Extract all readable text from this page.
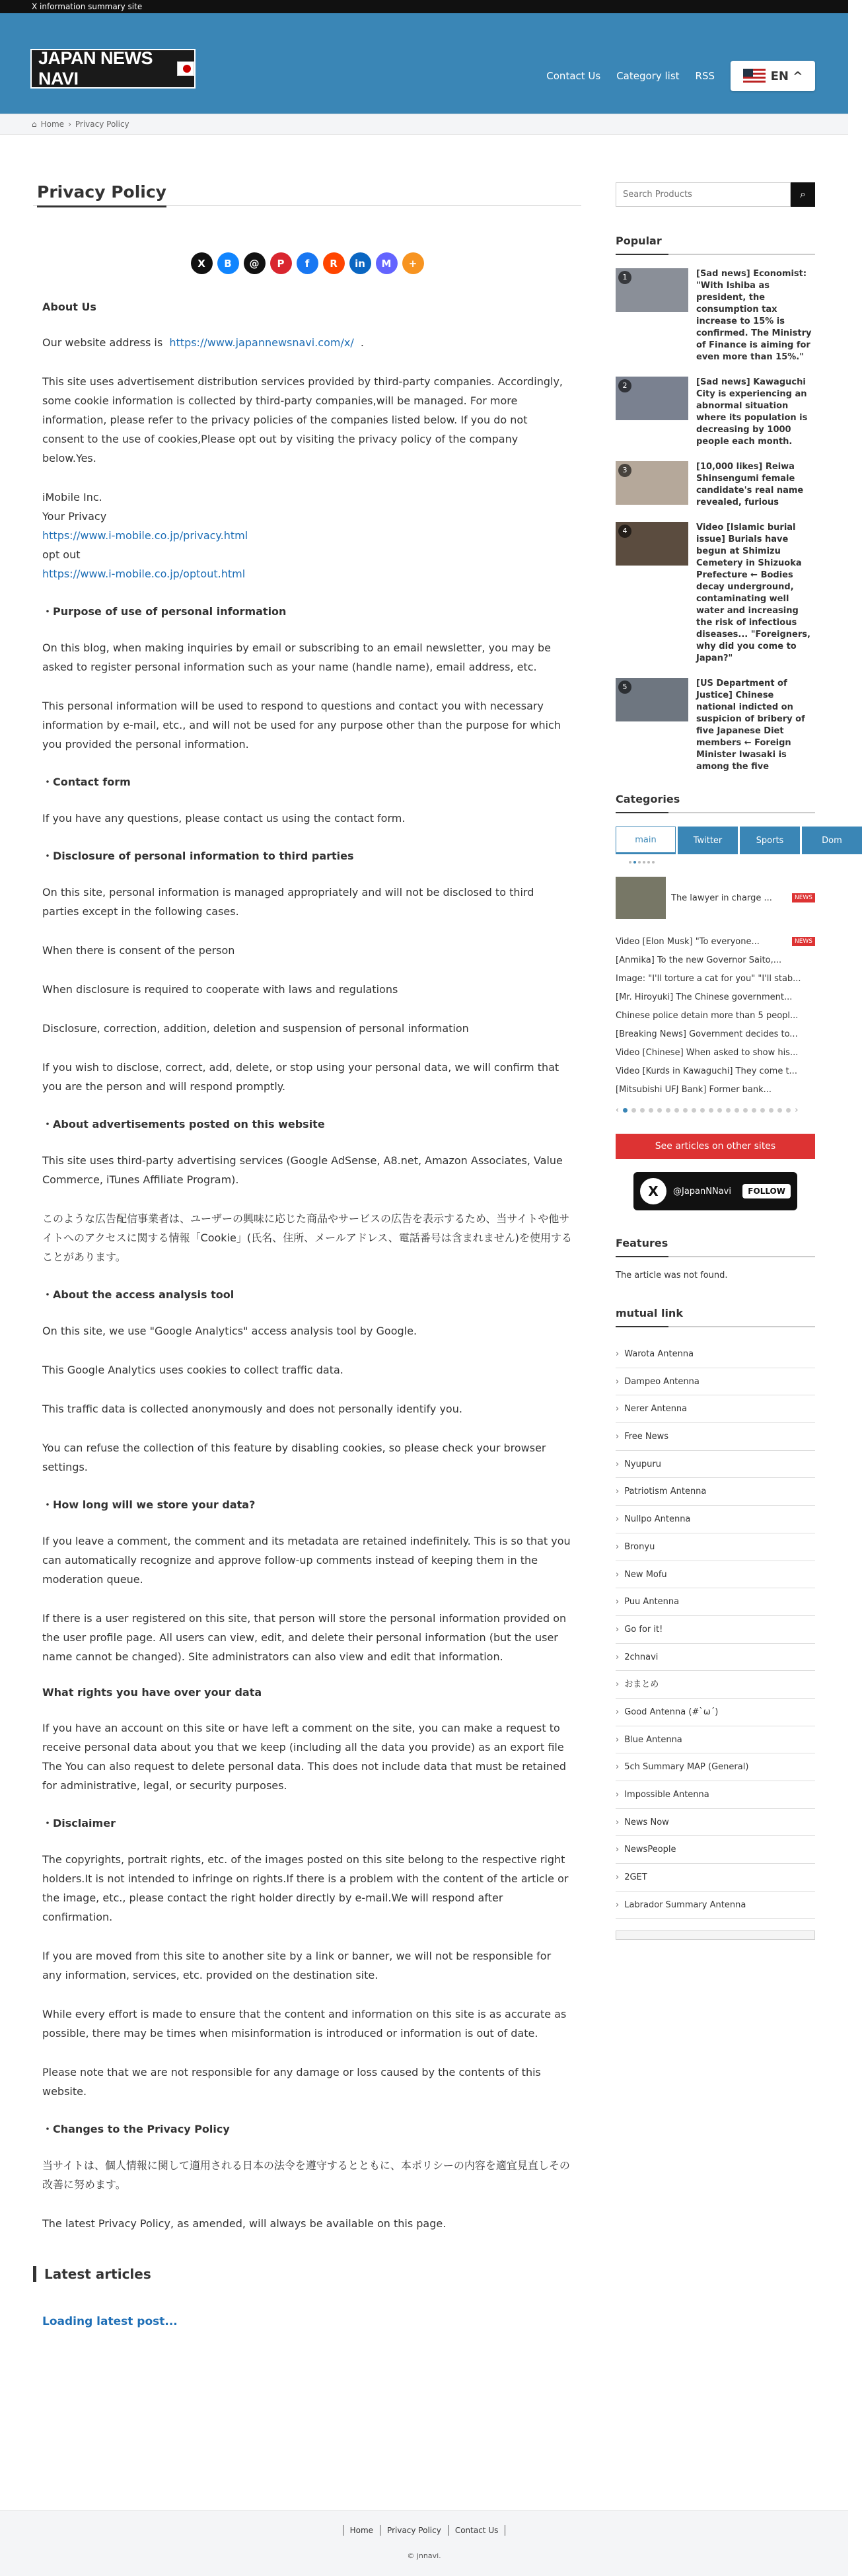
X information summary site
JAPAN NEWS NAVI	Contact Us Category list RSS	EN ^
⌂ Home › Privacy Policy
Privacy Policy
X	B	@	P	f	R	in	M	+
About Us

Our website address is https://www.japannewsnavi.com/x/ .

This site uses advertisement distribution services provided by third-party companies. Accordingly, some cookie information is collected by third-party companies,will be managed. For more information, please refer to the privacy policies of the companies listed below. If you do not consent to the use of cookies,Please opt out by visiting the privacy policy of the company below.Yes.

iMobile Inc.
Your Privacy
https://www.i-mobile.co.jp/privacy.html
opt out
https://www.i-mobile.co.jp/optout.html

・Purpose of use of personal information

On this blog, when making inquiries by email or subscribing to an email newsletter, you may be asked to register personal information such as your name (handle name), email address, etc.

This personal information will be used to respond to questions and contact you with necessary information by e-mail, etc., and will not be used for any purpose other than the purpose for which you provided the personal information.

・Contact form

If you have any questions, please contact us using the contact form.

・Disclosure of personal information to third parties

On this site, personal information is managed appropriately and will not be disclosed to third parties except in the following cases.

When there is consent of the person

When disclosure is required to cooperate with laws and regulations

Disclosure, correction, addition, deletion and suspension of personal information

If you wish to disclose, correct, add, delete, or stop using your personal data, we will confirm that you are the person and will respond promptly.

・About advertisements posted on this website

This site uses third-party advertising services (Google AdSense, A8.net, Amazon Associates, Value Commerce, iTunes Affiliate Program).

このような広告配信事業者は、ユーザーの興味に応じた商品やサービスの広告を表示するため、当サイトや他サイトへのアクセスに関する情報「Cookie」(氏名、住所、メールアドレス、電話番号は含まれません)を使用することがあります。

・About the access analysis tool

On this site, we use "Google Analytics" access analysis tool by Google.

This Google Analytics uses cookies to collect traffic data.

This traffic data is collected anonymously and does not personally identify you.

You can refuse the collection of this feature by disabling cookies, so please check your browser settings.

・How long will we store your data?

If you leave a comment, the comment and its metadata are retained indefinitely. This is so that you can automatically recognize and approve follow-up comments instead of keeping them in the moderation queue.

If there is a user registered on this site, that person will store the personal information provided on the user profile page. All users can view, edit, and delete their personal information (but the user name cannot be changed). Site administrators can also view and edit that information.

What rights you have over your data

If you have an account on this site or have left a comment on the site, you can make a request to receive personal data about you that we keep (including all the data you provide) as an export file The You can also request to delete personal data. This does not include data that must be retained for administrative, legal, or security purposes.

・Disclaimer

The copyrights, portrait rights, etc. of the images posted on this site belong to the respective right holders.It is not intended to infringe on rights.If there is a problem with the content of the article or the image, etc., please contact the right holder directly by e-mail.We will respond after confirmation.

If you are moved from this site to another site by a link or banner, we will not be responsible for any information, services, etc. provided on the destination site.

While every effort is made to ensure that the content and information on this site is as accurate as possible, there may be times when misinformation is introduced or information is out of date.

Please note that we are not responsible for any damage or loss caused by the contents of this website.

・Changes to the Privacy Policy

当サイトは、個人情報に関して適用される日本の法令を遵守するとともに、本ポリシーの内容を適宜見直しその改善に努めます。

The latest Privacy Policy, as amended, will always be available on this page.

Latest articles
Loading latest post...
Search Products
⌕
Popular
1	[Sad news] Economist: "With Ishiba as president, the consumption tax increase to 15% is confirmed. The Ministry of Finance is aiming for even more than 15%."
2	[Sad news] Kawaguchi City is experiencing an abnormal situation where its population is decreasing by 1000 people each month.
3	[10,000 likes] Reiwa Shinsengumi female candidate's real name revealed, furious
4	Video [Islamic burial issue] Burials have begun at Shimizu Cemetery in Shizuoka Prefecture ← Bodies decay underground, contaminating well water and increasing the risk of infectious diseases... "Foreigners, why did you come to Japan?"
5	[US Department of Justice] Chinese national indicted on suspicion of bribery of five Japanese Diet members ← Foreign Minister Iwasaki is among the five
Categories
main	Twitter	Sports	Dom
The lawyer in charge ...	NEWS
Video [Elon Musk] "To everyone...	NEWS
[Anmika] To the new Governor Saito,...
Image: "I'll torture a cat for you" "I'll stab...
[Mr. Hiroyuki] The Chinese government...
Chinese police detain more than 5 peopl...
[Breaking News] Government decides to...
Video [Chinese] When asked to show his...
Video [Kurds in Kawaguchi] They come t...
[Mitsubishi UFJ Bank] Former bank...
‹	›
See articles on other sites
X	@JapanNNavi	FOLLOW
Features
The article was not found.
mutual link
› Warota Antenna
› Dampeo Antenna
› Nerer Antenna
› Free News
› Nyupuru
› Patriotism Antenna
› Nullpo Antenna
› Bronyu
› New Mofu
› Puu Antenna
› Go for it!
› 2chnavi
› おまとめ
› Good Antenna (#`ω´)
› Blue Antenna
› 5ch Summary MAP (General)
› Impossible Antenna
› News Now
› NewsPeople
› 2GET
› Labrador Summary Antenna
Home	Privacy Policy	Contact Us
© jnnavi.
